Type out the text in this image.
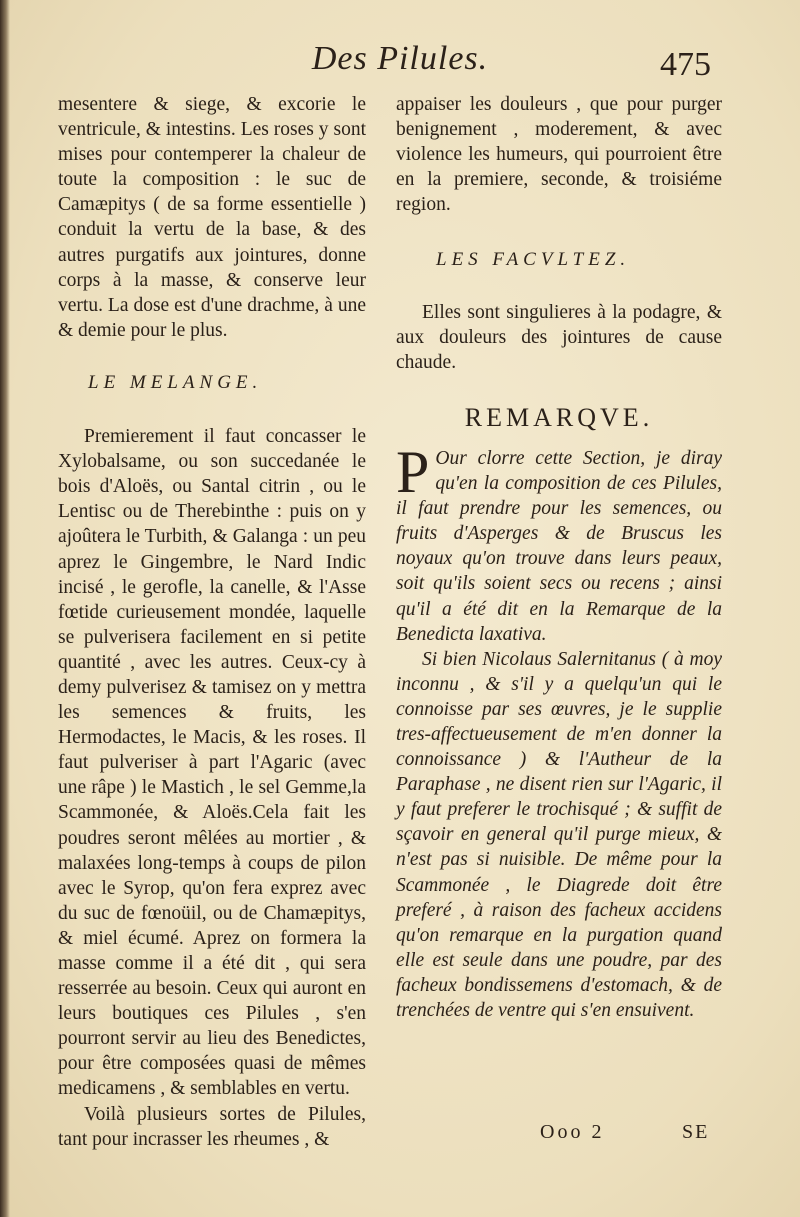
Des Pilules.	475

mesentere & siege, & excorie le ventricule, & intestins. Les roses y sont mises pour contemperer la chaleur de toute la composition : le suc de Camæpitys ( de sa forme essentielle ) conduit la vertu de la base, & des autres purgatifs aux jointures, donne corps à la masse, & conserve leur vertu. La dose est d'une drachme, à une & demie pour le plus.

LE MELANGE.

Premierement il faut concasser le Xylobalsame, ou son succedanée le bois d'Aloës, ou Santal citrin , ou le Lentisc ou de Therebinthe : puis on y ajoûtera le Turbith, & Galanga : un peu aprez le Gingembre, le Nard Indic incisé , le gerofle, la canelle, & l'Asse fœtide curieusement mondée, laquelle se pulverisera facilement en si petite quantité , avec les autres. Ceux-cy à demy pulverisez & tamisez on y mettra les semences & fruits, les Hermodactes, le Macis, & les roses. Il faut pulveriser à part l'Agaric (avec une râpe ) le Mastich , le sel Gemme,la Scammonée, & Aloës.Cela fait les poudres seront mêlées au mortier , & malaxées long-temps à coups de pilon avec le Syrop, qu'on fera exprez avec du suc de fœnoüil, ou de Chamæpitys, & miel écumé. Aprez on formera la masse comme il a été dit , qui sera resserrée au besoin. Ceux qui auront en leurs boutiques ces Pilules , s'en pourront servir au lieu des Benedictes, pour être composées quasi de mêmes medicamens , & semblables en vertu.

Voilà plusieurs sortes de Pilules, tant pour incrasser les rheumes , &

appaiser les douleurs , que pour purger benignement , moderement, & avec violence les humeurs, qui pourroient être en la premiere, seconde, & troisiéme region.

LES FACVLTEZ.

Elles sont singulieres à la podagre, & aux douleurs des jointures de cause chaude.

REMARQVE.

P Our clorre cette Section, je diray qu'en la composition de ces Pilules, il faut prendre pour les semences, ou fruits d'Asperges & de Bruscus les noyaux qu'on trouve dans leurs peaux, soit qu'ils soient secs ou recens ; ainsi qu'il a été dit en la Remarque de la Benedicta laxativa.

Si bien Nicolaus Salernitanus ( à moy inconnu , & s'il y a quelqu'un qui le connoisse par ses œuvres, je le supplie tres-affectueusement de m'en donner la connoissance ) & l'Autheur de la Paraphase , ne disent rien sur l'Agaric, il y faut preferer le trochisqué ; & suffit de sçavoir en general qu'il purge mieux, & n'est pas si nuisible. De même pour la Scammonée , le Diagrede doit être preferé , à raison des facheux accidens qu'on remarque en la purgation quand elle est seule dans une poudre, par des facheux bondissemens d'estomach, & de trenchées de ventre qui s'en ensuivent.

Ooo 2	SE
